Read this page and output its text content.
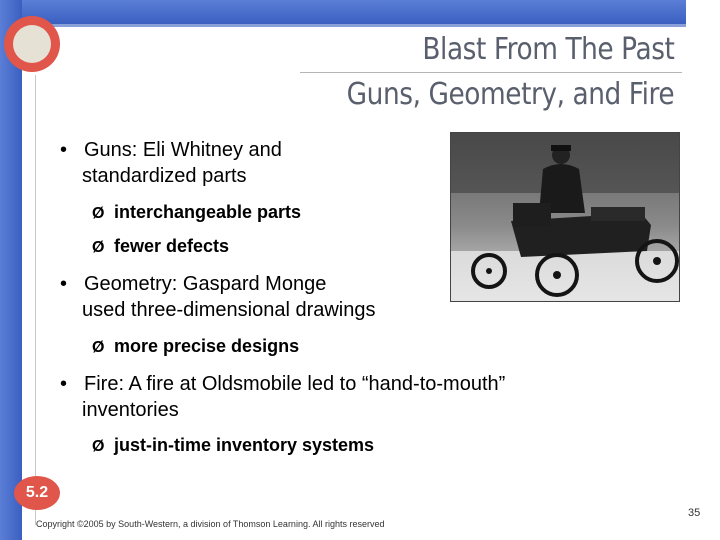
Blast From The Past
Guns, Geometry, and Fire
• Guns: Eli Whitney and
standardized parts
Ø interchangeable parts
Ø fewer defects
• Geometry: Gaspard Monge
used three-dimensional drawings
Ø more precise designs
• Fire: A fire at Oldsmobile led to “hand-to-mouth”
inventories
Ø just-in-time inventory systems
5.2
Copyright ©2005 by South-Western, a division of Thomson Learning. All rights reserved
35
